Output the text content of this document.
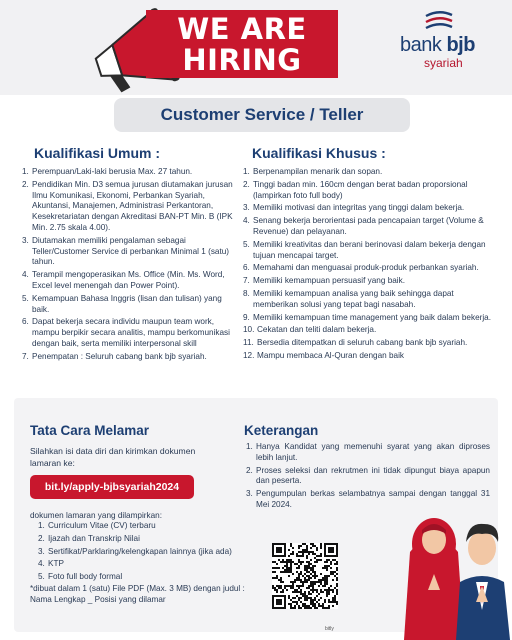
WE ARE
HIRING	bank bjb
syariah
Customer Service / Teller
Kualifikasi Umum :
1. Perempuan/Laki-laki berusia Max. 27 tahun.
2. Pendidikan Min. D3 semua jurusan diutamakan jurusan Ilmu Komunikasi, Ekonomi, Perbankan Syariah, Akuntansi, Manajemen, Administrasi Perkantoran, Kesekretariatan dengan Akreditasi BAN-PT Min. B (IPK Min. 2.75 skala 4.00).
3. Diutamakan memiliki pengalaman sebagai Teller/Customer Service di perbankan Minimal 1 (satu) tahun.
4. Terampil mengoperasikan Ms. Office (Min. Ms. Word, Excel level menengah dan Power Point).
5. Kemampuan Bahasa Inggris (lisan dan tulisan) yang baik.
6. Dapat bekerja secara individu maupun team work, mampu berpikir secara analitis, mampu berkomunikasi dengan baik, serta memiliki interpersonal skill
7. Penempatan : Seluruh cabang bank bjb syariah.
Kualifikasi Khusus :
1. Berpenampilan menarik dan sopan.
2. Tinggi badan min. 160cm dengan berat badan proporsional (lampirkan foto full body)
3. Memiliki motivasi dan integritas yang tinggi dalam bekerja.
4. Senang bekerja berorientasi pada pencapaian target (Volume & Revenue) dan pelayanan.
5. Memiliki kreativitas dan berani berinovasi dalam bekerja dengan tujuan mencapai target.
6. Memahami dan menguasai produk-produk perbankan syariah.
7. Memiliki kemampuan persuasif yang baik.
8. Memiliki kemampuan analisa yang baik sehingga dapat memberikan solusi yang tepat bagi nasabah.
9. Memiliki kemampuan time management yang baik dalam bekerja.
10. Cekatan dan teliti dalam bekerja.
11. Bersedia ditempatkan di seluruh cabang bank bjb syariah.
12. Mampu membaca Al-Quran dengan baik
Tata Cara Melamar
Silahkan isi data diri dan kirimkan dokumen lamaran ke:
bit.ly/apply-bjbsyariah2024
dokumen lamaran yang dilampirkan:
1. Curriculum Vitae (CV) terbaru
2. Ijazah dan Transkrip Nilai
3. Sertifikat/Parklaring/kelengkapan lainnya (jika ada)
4. KTP
5. Foto full body formal
*dibuat dalam 1 (satu) File PDF (Max. 3 MB) dengan judul : Nama Lengkap _ Posisi yang dilamar
Keterangan
1. Hanya Kandidat yang memenuhi syarat yang akan diproses lebih lanjut.
2. Proses seleksi dan rekrutmen ini tidak dipungut biaya apapun dan peserta.
3. Pengumpulan berkas selambatnya sampai dengan tanggal 31 Mei 2024.
bitly
